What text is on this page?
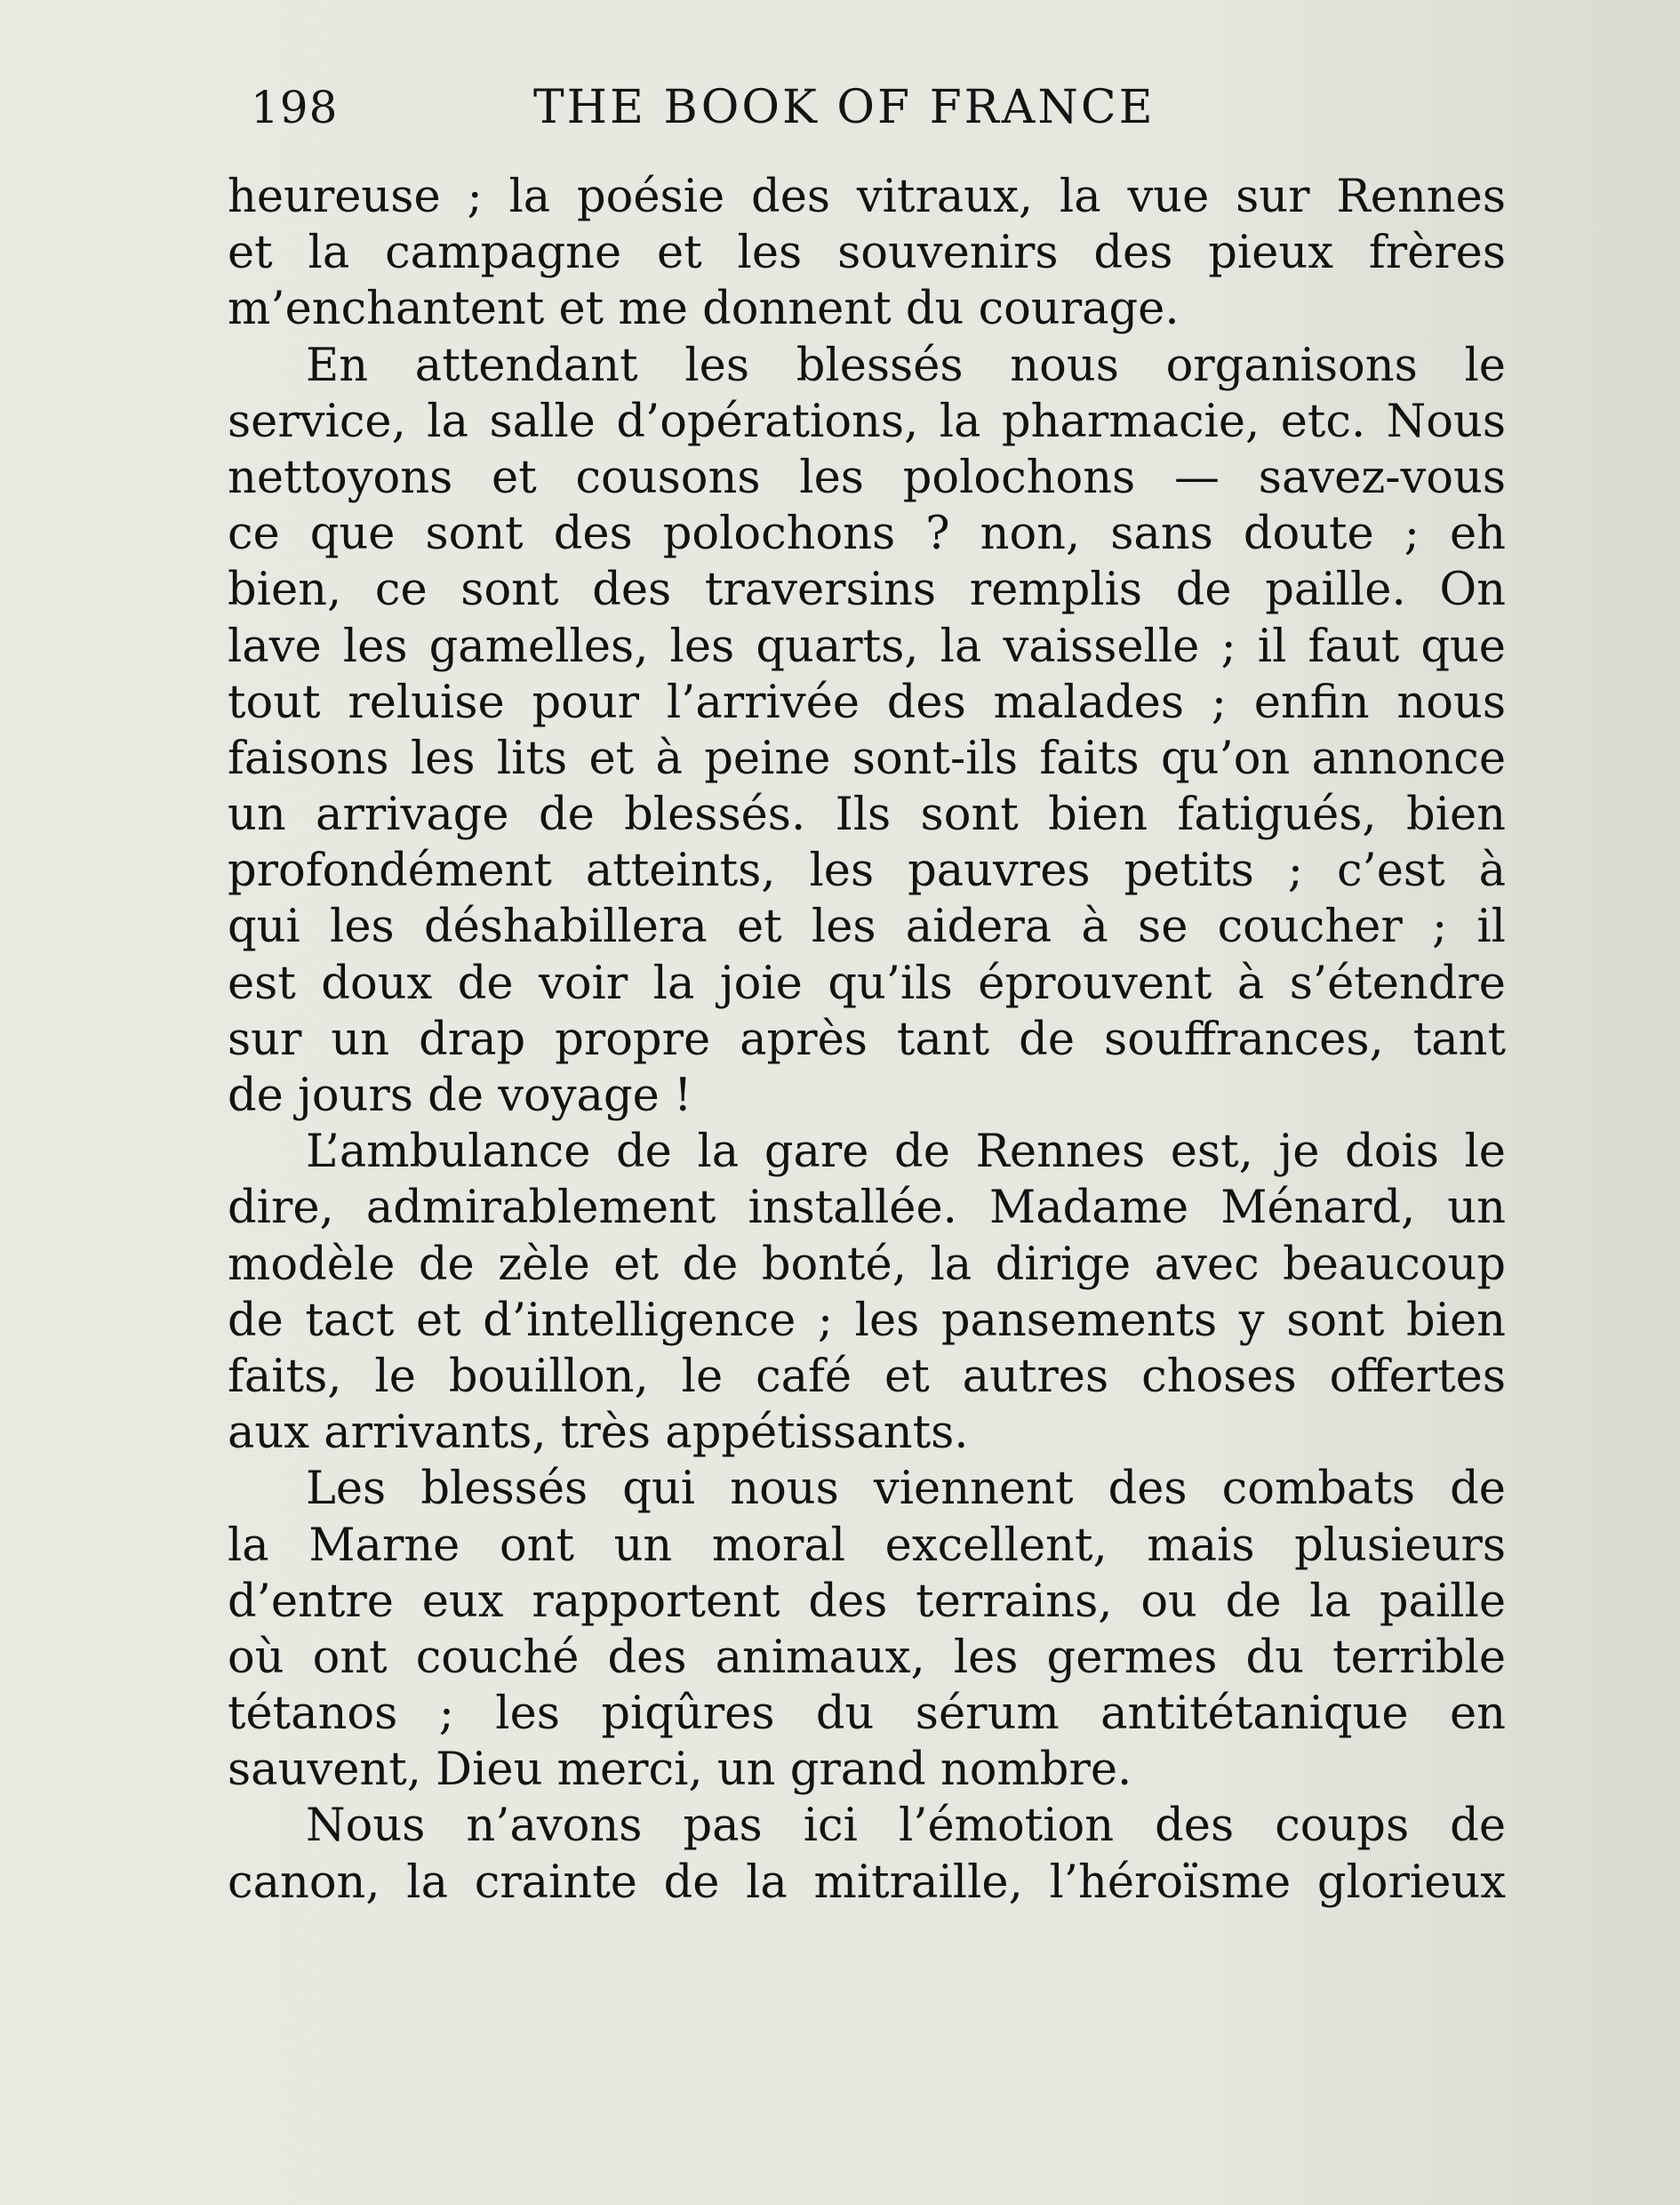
198	THE BOOK OF FRANCE
heureuse ; la poésie des vitraux, la vue sur Rennes
et la campagne et les souvenirs des pieux frères
m’enchantent et me donnent du courage.
En attendant les blessés nous organisons le
service, la salle d’opérations, la pharmacie, etc. Nous
nettoyons et cousons les polochons — savez-vous
ce que sont des polochons ? non, sans doute ; eh
bien, ce sont des traversins remplis de paille. On
lave les gamelles, les quarts, la vaisselle ; il faut que
tout reluise pour l’arrivée des malades ; enfin nous
faisons les lits et à peine sont-ils faits qu’on annonce
un arrivage de blessés. Ils sont bien fatigués, bien
profondément atteints, les pauvres petits ; c’est à
qui les déshabillera et les aidera à se coucher ; il
est doux de voir la joie qu’ils éprouvent à s’étendre
sur un drap propre après tant de souffrances, tant
de jours de voyage !
L’ambulance de la gare de Rennes est, je dois le
dire, admirablement installée. Madame Ménard, un
modèle de zèle et de bonté, la dirige avec beaucoup
de tact et d’intelligence ; les pansements y sont bien
faits, le bouillon, le café et autres choses offertes
aux arrivants, très appétissants.
Les blessés qui nous viennent des combats de
la Marne ont un moral excellent, mais plusieurs
d’entre eux rapportent des terrains, ou de la paille
où ont couché des animaux, les germes du terrible
tétanos ; les piqûres du sérum antitétanique en
sauvent, Dieu merci, un grand nombre.
Nous n’avons pas ici l’émotion des coups de
canon, la crainte de la mitraille, l’héroïsme glorieux
